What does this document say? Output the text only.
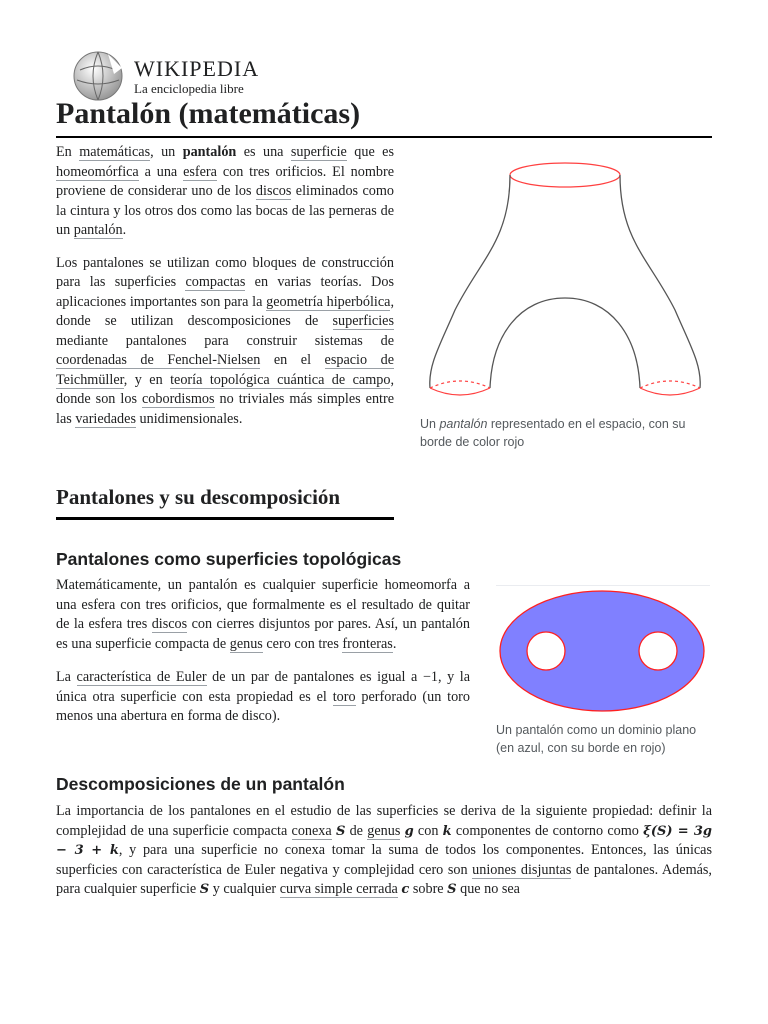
WIKIPEDIA
La enciclopedia libre
Pantalón (matemáticas)

En matemáticas, un pantalón es una superficie que es homeomórfica a una esfera con tres orificios. El nombre proviene de considerar uno de los discos eliminados como la cintura y los otros dos como las bocas de las perneras de un pantalón.

Los pantalones se utilizan como bloques de construcción para las superficies compactas en varias teorías. Dos aplicaciones importantes son para la geometría hiperbólica, donde se utilizan descomposiciones de superficies mediante pantalones para construir sistemas de coordenadas de Fenchel-Nielsen en el espacio de Teichmüller, y en teoría topológica cuántica de campo, donde son los cobordismos no triviales más simples entre las variedades unidimensionales.	Un pantalón representado en el espacio, con su borde de color rojo
Pantalones y su descomposición
Pantalones como superficies topológicas

Matemáticamente, un pantalón es cualquier superficie homeomorfa a una esfera con tres orificios, que formalmente es el resultado de quitar de la esfera tres discos con cierres disjuntos por pares. Así, un pantalón es una superficie compacta de genus cero con tres fronteras.

La característica de Euler de un par de pantalones es igual a −1, y la única otra superficie con esta propiedad es el toro perforado (un toro menos una abertura en forma de disco).

Un pantalón como un dominio plano (en azul, con su borde en rojo)
Descomposiciones de un pantalón

La importancia de los pantalones en el estudio de las superficies se deriva de la siguiente propiedad: definir la complejidad de una superficie compacta conexa S de genus g con k componentes de contorno como ξ(S) = 3g − 3 + k, y para una superficie no conexa tomar la suma de todos los componentes. Entonces, las únicas superficies con característica de Euler negativa y complejidad cero son uniones disjuntas de pantalones. Además, para cualquier superficie S y cualquier curva simple cerrada c sobre S que no sea
